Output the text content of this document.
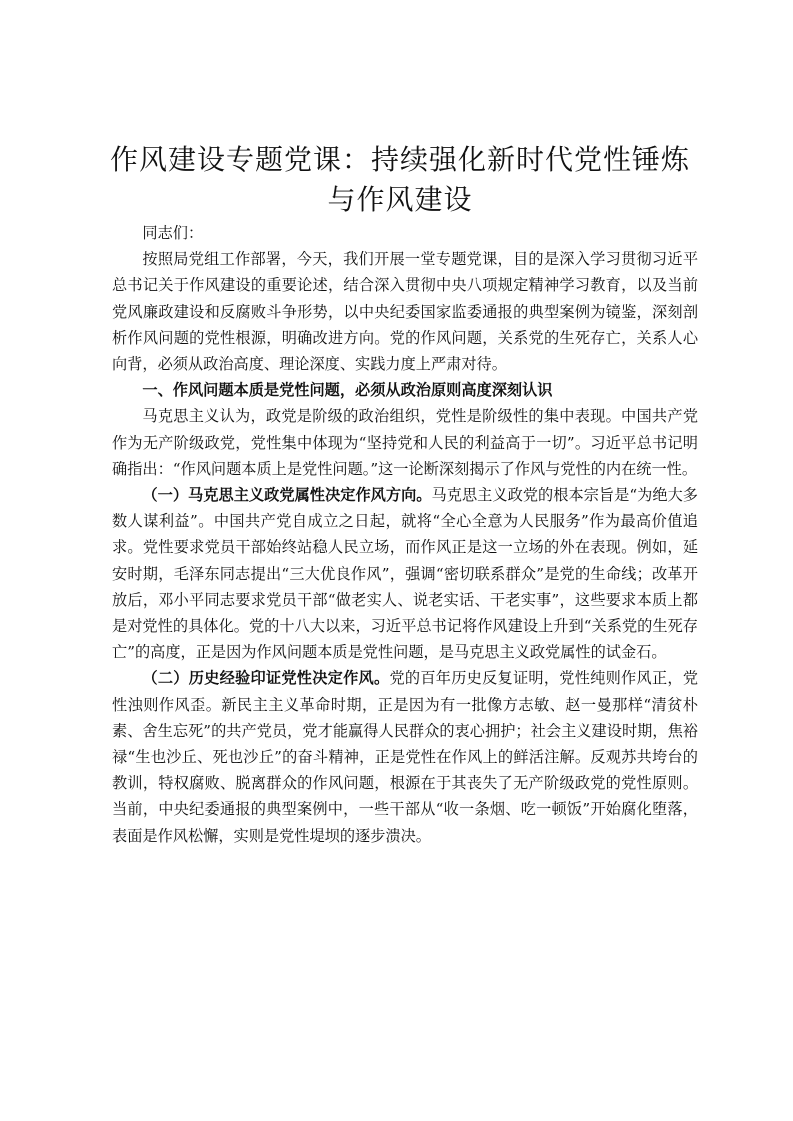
作风建设专题党课：持续强化新时代党性锤炼
与作风建设

同志们：

按照局党组工作部署，今天，我们开展一堂专题党课，目的是深入学习贯彻习近平总书记关于作风建设的重要论述，结合深入贯彻中央八项规定精神学习教育，以及当前党风廉政建设和反腐败斗争形势，以中央纪委国家监委通报的典型案例为镜鉴，深刻剖析作风问题的党性根源，明确改进方向。党的作风问题，关系党的生死存亡，关系人心向背，必须从政治高度、理论深度、实践力度上严肃对待。

一、作风问题本质是党性问题，必须从政治原则高度深刻认识

马克思主义认为，政党是阶级的政治组织，党性是阶级性的集中表现。中国共产党作为无产阶级政党，党性集中体现为“坚持党和人民的利益高于一切”。习近平总书记明确指出：“作风问题本质上是党性问题。”这一论断深刻揭示了作风与党性的内在统一性。

（一）马克思主义政党属性决定作风方向。马克思主义政党的根本宗旨是“为绝大多数人谋利益”。中国共产党自成立之日起，就将“全心全意为人民服务”作为最高价值追求。党性要求党员干部始终站稳人民立场，而作风正是这一立场的外在表现。例如，延安时期，毛泽东同志提出“三大优良作风”，强调“密切联系群众”是党的生命线；改革开放后，邓小平同志要求党员干部“做老实人、说老实话、干老实事”，这些要求本质上都是对党性的具体化。党的十八大以来，习近平总书记将作风建设上升到“关系党的生死存亡”的高度，正是因为作风问题本质是党性问题，是马克思主义政党属性的试金石。

（二）历史经验印证党性决定作风。党的百年历史反复证明，党性纯则作风正，党性浊则作风歪。新民主主义革命时期，正是因为有一批像方志敏、赵一曼那样“清贫朴素、舍生忘死”的共产党员，党才能赢得人民群众的衷心拥护；社会主义建设时期，焦裕禄“生也沙丘、死也沙丘”的奋斗精神，正是党性在作风上的鲜活注解。反观苏共垮台的教训，特权腐败、脱离群众的作风问题，根源在于其丧失了无产阶级政党的党性原则。当前，中央纪委通报的典型案例中，一些干部从“收一条烟、吃一顿饭”开始腐化堕落，表面是作风松懈，实则是党性堤坝的逐步溃决。
